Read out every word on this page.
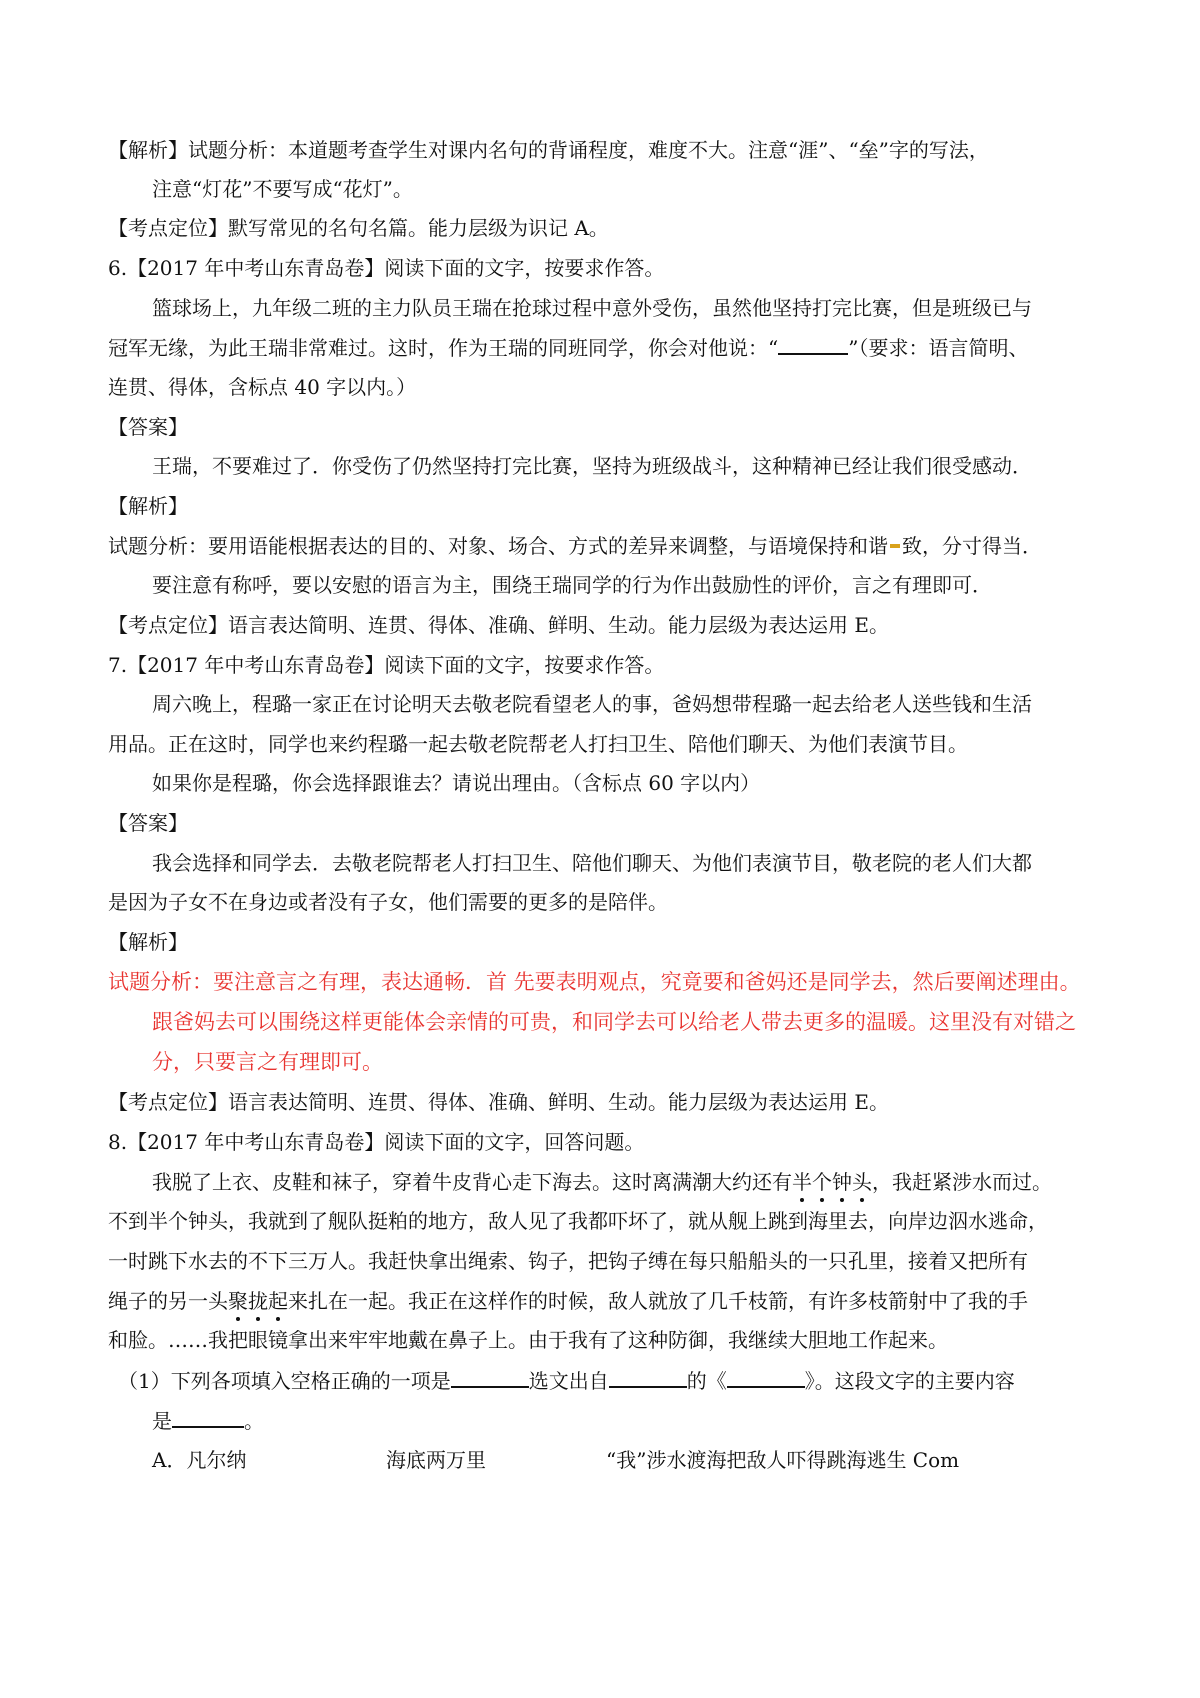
【解析】试题分析：本道题考查学生对课内名句的背诵程度，难度不大。注意“涯”、“垒”字的写法，
注意“灯花”不要写成“花灯”。
【考点定位】默写常见的名句名篇。能力层级为识记 A。
6.【2017 年中考山东青岛卷】阅读下面的文字，按要求作答。
篮球场上，九年级二班的主力队员王瑞在抢球过程中意外受伤，虽然他坚持打完比赛，但是班级已与
冠军无缘，为此王瑞非常难过。这时，作为王瑞的同班同学，你会对他说：“	”（要求：语言简明、
连贯、得体，含标点 40 字以内。）
【答案】
王瑞，不要难过了．你受伤了仍然坚持打完比赛，坚持为班级战斗，这种精神已经让我们很受感动．
【解析】
试题分析：要用语能根据表达的目的、对象、场合、方式的差异来调整，与语境保持和谐 致，分寸得当．
要注意有称呼，要以安慰的语言为主，围绕王瑞同学的行为作出鼓励性的评价，言之有理即可．
【考点定位】语言表达简明、连贯、得体、准确、鲜明、生动。能力层级为表达运用 E。
7.【2017 年中考山东青岛卷】阅读下面的文字，按要求作答。
周六晚上，程璐一家正在讨论明天去敬老院看望老人的事，爸妈想带程璐一起去给老人送些钱和生活
用品。正在这时，同学也来约程璐一起去敬老院帮老人打扫卫生、陪他们聊天、为他们表演节目。
如果你是程璐，你会选择跟谁去？请说出理由。（含标点 60 字以内）
【答案】
我会选择和同学去．去敬老院帮老人打扫卫生、陪他们聊天、为他们表演节目，敬老院的老人们大都
是因为子女不在身边或者没有子女，他们需要的更多的是陪伴。
【解析】
试题分析：要注意言之有理，表达通畅．首 先要表明观点，究竟要和爸妈还是同学去，然后要阐述理由。
跟爸妈去可以围绕这样更能体会亲情的可贵，和同学去可以给老人带去更多的温暖。这里没有对错之
分，只要言之有理即可。
【考点定位】语言表达简明、连贯、得体、准确、鲜明、生动。能力层级为表达运用 E。
8.【2017 年中考山东青岛卷】阅读下面的文字，回答问题。
我脱了上衣、皮鞋和袜子，穿着牛皮背心走下海去。这时离满潮大约还有半个钟头，我赶紧涉水而过。
不到半个钟头，我就到了舰队挺粕的地方，敌人见了我都吓坏了，就从舰上跳到海里去，向岸边泅水逃命，
一时跳下水去的不下三万人。我赶快拿出绳索、钩子，把钩子缚在每只船船头的一只孔里，接着又把所有
绳子的另一头聚拢起来扎在一起。我正在这样作的时候，敌人就放了几千枝箭，有许多枝箭射中了我的手
和脸。……我把眼镜拿出来牢牢地戴在鼻子上。由于我有了这种防御，我继续大胆地工作起来。
（1）下列各项填入空格正确的一项是	选文出自	的《	》。这段文字的主要内容
是	。
A．凡尔纳	海底两万里	“我”涉水渡海把敌人吓得跳海逃生 Com
